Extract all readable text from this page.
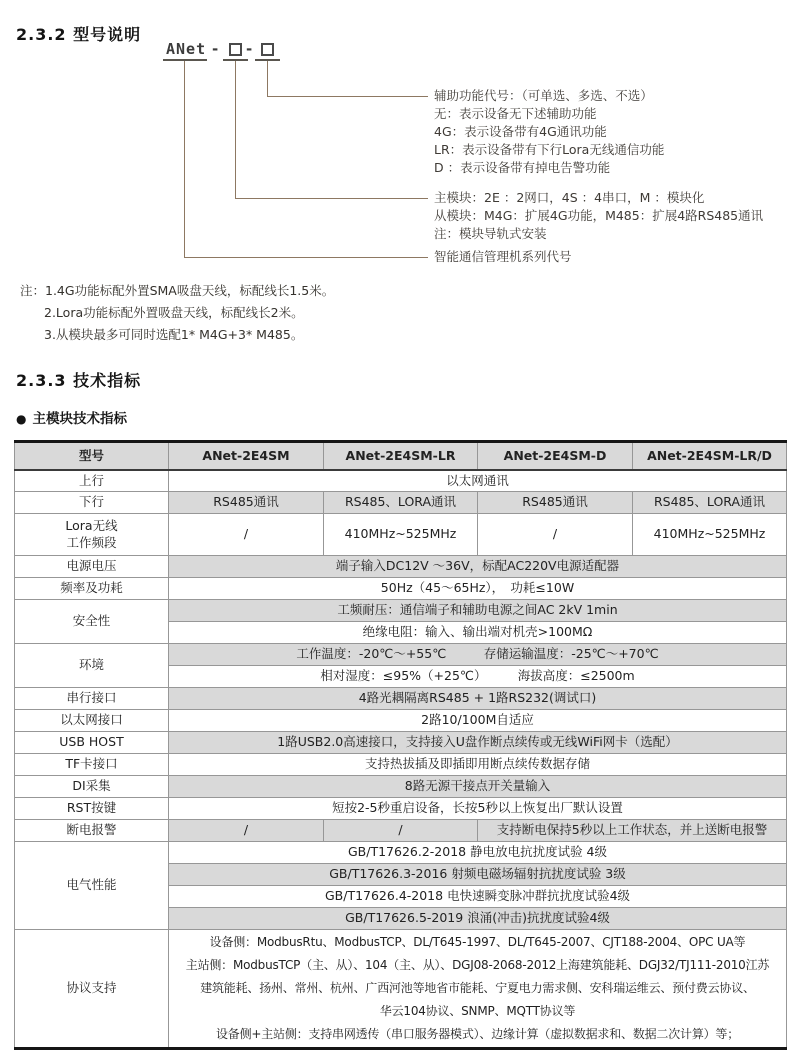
2.3.2 型号说明
ANet - -
辅助功能代号：（可单选、多选、不选）
无：表示设备无下述辅助功能
4G：表示设备带有4G通讯功能
LR：表示设备带有下行Lora无线通信功能
D ：表示设备带有掉电告警功能
主模块：2E ：2网口，4S ：4串口，M ：模块化
从模块：M4G：扩展4G功能，M485：扩展4路RS485通讯
注：模块导轨式安装
智能通信管理机系列代号
注：1.4G功能标配外置SMA吸盘天线，标配线长1.5米。
2.Lora功能标配外置吸盘天线，标配线长2米。
3.从模块最多可同时选配1* M4G+3* M485。
2.3.3 技术指标
● 主模块技术指标
型号	ANet-2E4SM	ANet-2E4SM-LR	ANet-2E4SM-D	ANet-2E4SM-LR/D
上行	以太网通讯			
下行	RS485通讯	RS485、LORA通讯	RS485通讯	RS485、LORA通讯

Lora无线
工作频段	/	410MHz~525MHz	/	410MHz~525MHz
电源电压	端子输入DC12V ～36V，标配AC220V电源适配器			
频率及功耗	50Hz（45～65Hz），　功耗≤10W			
安全性	工频耐压：通信端子和辅助电源之间AC 2kV 1min			
	绝缘电阻：输入、输出端对机壳>100MΩ			
环境	工作温度：-20℃～+55℃　　　存储运输温度：-25℃～+70℃			
	相对湿度：≤95%（+25℃）　　　海拔高度：≤2500m			
串行接口	4路光耦隔离RS485 + 1路RS232(调试口)			
以太网接口	2路10/100M自适应			
USB HOST	1路USB2.0高速接口，支持接入U盘作断点续传或无线WiFi网卡（选配）			
TF卡接口	支持热拔插及即插即用断点续传数据存储			
DI采集	8路无源干接点开关量输入			
RST按键	短按2-5秒重启设备，长按5秒以上恢复出厂默认设置			
断电报警	/	/	支持断电保持5秒以上工作状态，并上送断电报警	
电气性能	GB/T17626.2-2018 静电放电抗扰度试验 4级			
	GB/T17626.3-2016 射频电磁场辐射抗扰度试验 3级			
	GB/T17626.4-2018 电快速瞬变脉冲群抗扰度试验4级			
	GB/T17626.5-2019 浪涌(冲击)抗扰度试验4级			
协议支持	设备侧：ModbusRtu、ModbusTCP、DL/T645-1997、DL/T645-2007、CJT188-2004、OPC UA等
主站侧：ModbusTCP（主、从）、104（主、从）、DGJ08-2068-2012上海建筑能耗、DGJ32/TJ111-2010江苏
建筑能耗、扬州、常州、杭州、广西河池等地省市能耗、宁夏电力需求侧、安科瑞运维云、预付费云协议、
华云104协议、SNMP、MQTT协议等
设备侧+主站侧：支持串网透传（串口服务器模式）、边缘计算（虚拟数据求和、数据二次计算）等；			
